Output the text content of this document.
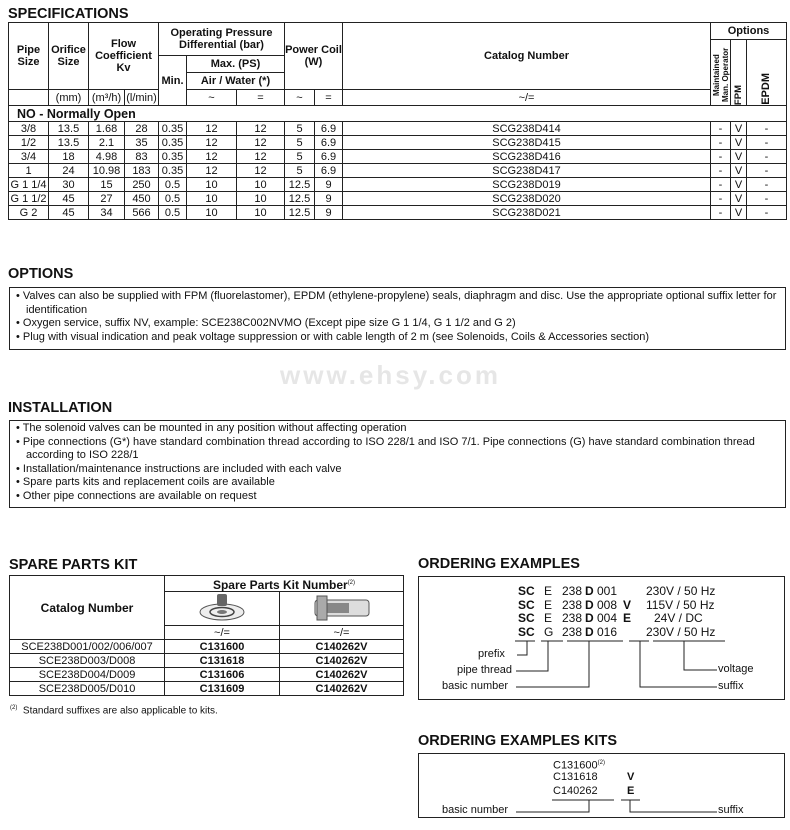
www.ehsy.com
SPECIFICATIONS
Pipe Size	Orifice Size	Flow Coefficient Kv		Operating Pressure Differential (bar)			Power Coil (W)		Catalog Number	Options		

										Maintained Man. Operator	FPM	EPDM

				Min.	Max. (PS)							
					Air / Water (*)							
	(mm)	(m³/h)	(l/min)		~	=	~	=	~/=			
NO - Normally Open												
3/8	13.5	1.68	28	0.35	12	12	5	6.9	SCG238D414	-	V	-
1/2	13.5	2.1	35	0.35	12	12	5	6.9	SCG238D415	-	V	-
3/4	18	4.98	83	0.35	12	12	5	6.9	SCG238D416	-	V	-
1	24	10.98	183	0.35	12	12	5	6.9	SCG238D417	-	V	-
G 1 1/4	30	15	250	0.5	10	10	12.5	9	SCG238D019	-	V	-
G 1 1/2	45	27	450	0.5	10	10	12.5	9	SCG238D020	-	V	-
G 2	45	34	566	0.5	10	10	12.5	9	SCG238D021	-	V	-
OPTIONS
• Valves can also be supplied with FPM (fluorelastomer), EPDM (ethylene-propylene) seals, diaphragm and disc. Use the appropriate optional suffix letter for identification
• Oxygen service, suffix NV, example: SCE238C002NVMO (Except pipe size G 1 1/4, G 1 1/2 and G 2)
• Plug with visual indication and peak voltage suppression or with cable length of 2 m (see Solenoids, Coils & Accessories section)
INSTALLATION
• The solenoid valves can be mounted in any position without affecting operation
• Pipe connections (G*) have standard combination thread according to ISO 228/1 and ISO 7/1. Pipe connections (G) have standard combination thread according to ISO 228/1
• Installation/maintenance instructions are included with each valve
• Spare parts kits and replacement coils are available
• Other pipe connections are available on request
SPARE PARTS KIT
Catalog Number	Spare Parts Kit Number$^{(2)}$

	~/=	~/=
SCE238D001/002/006/007	C131600	C140262V
SCE238D003/D008	C131618	C140262V
SCE238D004/D009	C131606	C140262V
SCE238D005/D010	C131609	C140262V
$^{(2)}$ Standard suffixes are also applicable to kits.
ORDERING EXAMPLES
SC E 238 D 001 230V / 50 Hz
SC E 238 D 008 V 115V / 50 Hz
SC E 238 D 004 E 24V / DC
SC G 238 D 016 230V / 50 Hz
prefix
pipe thread
basic number
voltage
suffix
ORDERING EXAMPLES KITS
C131600$^{(2)}$
C131618	V
C140262	E
basic number	suffix
